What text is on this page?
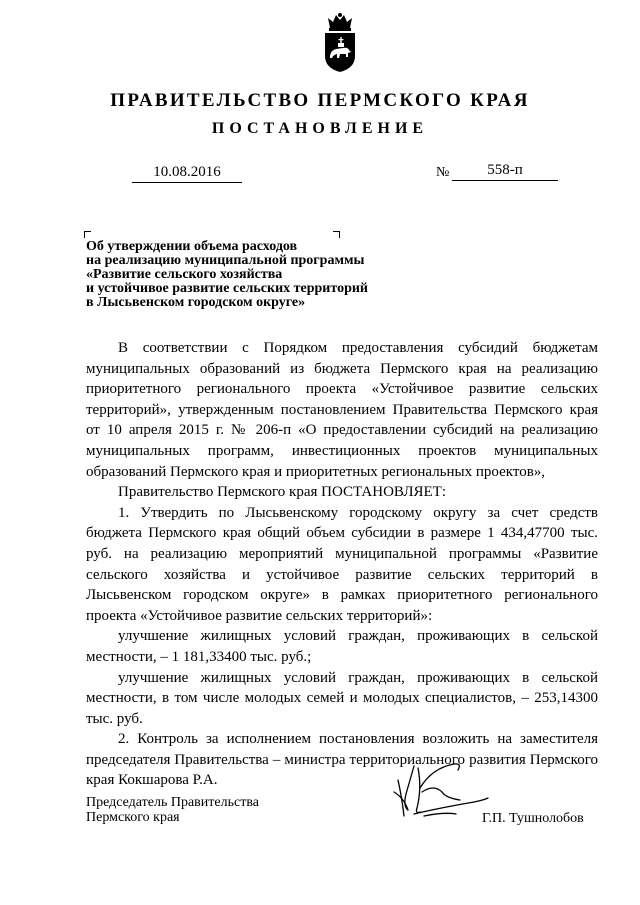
ПРАВИТЕЛЬСТВО ПЕРМСКОГО КРАЯ
ПОСТАНОВЛЕНИЕ
10.08.2016	№	558-п
Об утверждении объема расходов
на реализацию муниципальной программы
«Развитие сельского хозяйства
и устойчивое развитие сельских территорий
в Лысьвенском городском округе»

В соответствии с Порядком предоставления субсидий бюджетам муниципальных образований из бюджета Пермского края на реализацию приоритетного регионального проекта «Устойчивое развитие сельских территорий», утвержденным постановлением Правительства Пермского края от 10 апреля 2015 г. № 206-п «О предоставлении субсидий на реализацию муниципальных программ, инвестиционных проектов муниципальных образований Пермского края и приоритетных региональных проектов»,

Правительство Пермского края ПОСТАНОВЛЯЕТ:

1. Утвердить по Лысьвенскому городскому округу за счет средств бюджета Пермского края общий объем субсидии в размере 1 434,47700 тыс. руб. на реализацию мероприятий муниципальной программы «Развитие сельского хозяйства и устойчивое развитие сельских территорий в Лысьвенском городском округе» в рамках приоритетного регионального проекта «Устойчивое развитие сельских территорий»:

улучшение жилищных условий граждан, проживающих в сельской местности, – 1 181,33400 тыс. руб.;

улучшение жилищных условий граждан, проживающих в сельской местности, в том числе молодых семей и молодых специалистов, – 253,14300 тыс. руб.

2. Контроль за исполнением постановления возложить на заместителя председателя Правительства – министра территориального развития Пермского края Кокшарова Р.А.

Председатель Правительства
Пермского края	Г.П. Тушнолобов
